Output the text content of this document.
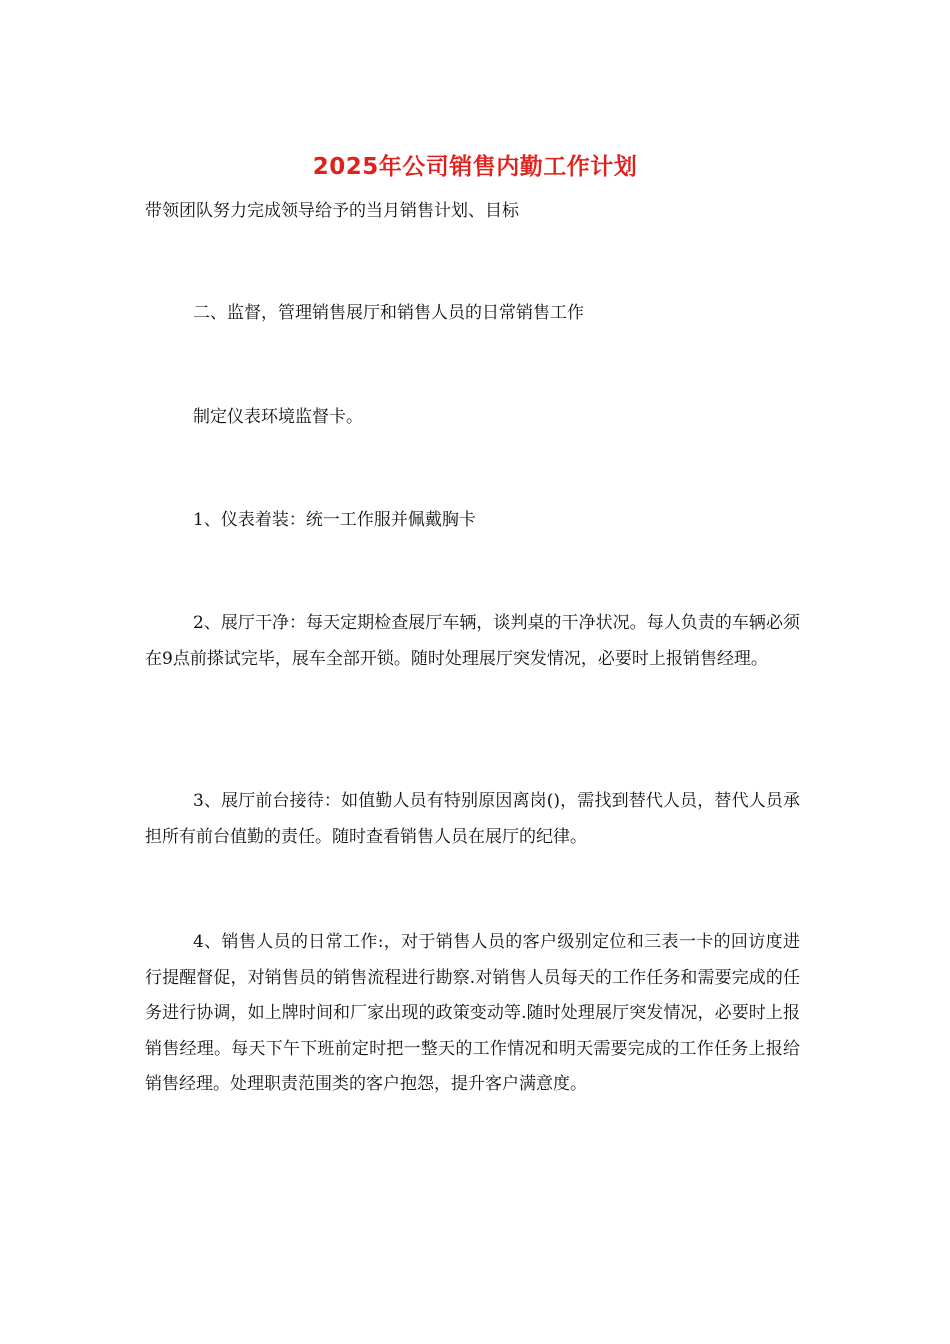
2025年公司销售内勤工作计划

带领团队努力完成领导给予的当月销售计划、目标

二、监督，管理销售展厅和销售人员的日常销售工作

制定仪表环境监督卡。

1、仪表着装：统一工作服并佩戴胸卡

2、展厅干净：每天定期检查展厅车辆，谈判桌的干净状况。每人负责的车辆必须在9点前搽试完毕，展车全部开锁。随时处理展厅突发情况，必要时上报销售经理。

3、展厅前台接待：如值勤人员有特别原因离岗()，需找到替代人员，替代人员承担所有前台值勤的责任。随时查看销售人员在展厅的纪律。

4、销售人员的日常工作:，对于销售人员的客户级别定位和三表一卡的回访度进行提醒督促，对销售员的销售流程进行勘察.对销售人员每天的工作任务和需要完成的任务进行协调，如上牌时间和厂家出现的政策变动等.随时处理展厅突发情况，必要时上报销售经理。每天下午下班前定时把一整天的工作情况和明天需要完成的工作任务上报给销售经理。处理职责范围类的客户抱怨，提升客户满意度。
